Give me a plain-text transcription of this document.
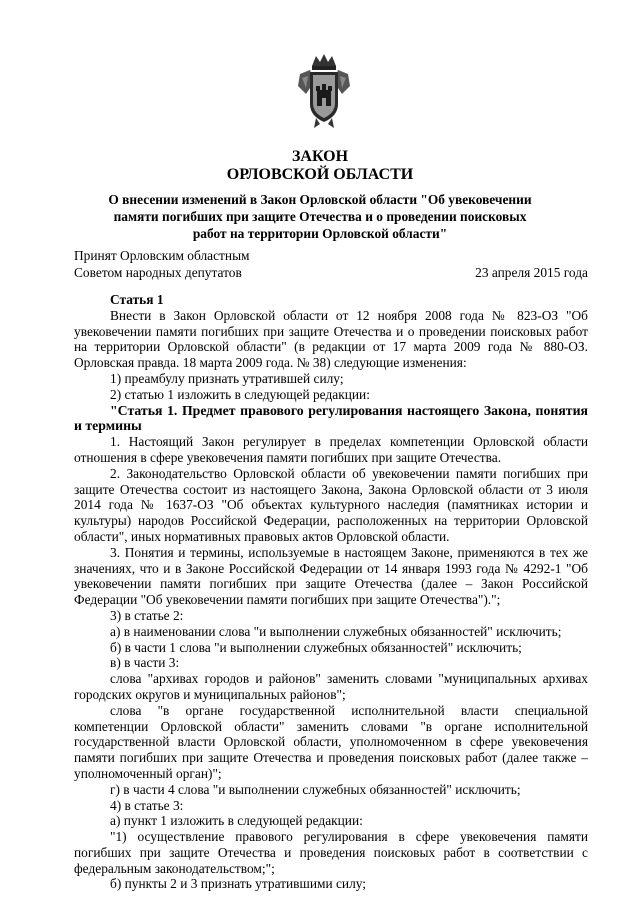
ЗАКОН
ОРЛОВСКОЙ ОБЛАСТИ
О внесении изменений в Закон Орловской области "Об увековечении памяти погибших при защите Отечества и о проведении поисковых работ на территории Орловской области"
Принят Орловским областным
Советом народных депутатов	23 апреля 2015 года

Статья 1

Внести в Закон Орловской области от 12 ноября 2008 года № 823-ОЗ "Об увековечении памяти погибших при защите Отечества и о проведении поисковых работ на территории Орловской области" (в редакции от 17 марта 2009 года № 880-ОЗ. Орловская правда. 18 марта 2009 года. № 38) следующие изменения:

1) преамбулу признать утратившей силу;

2) статью 1 изложить в следующей редакции:

"Статья 1. Предмет правового регулирования настоящего Закона, понятия и термины

1. Настоящий Закон регулирует в пределах компетенции Орловской области отношения в сфере увековечения памяти погибших при защите Отечества.

2. Законодательство Орловской области об увековечении памяти погибших при защите Отечества состоит из настоящего Закона, Закона Орловской области от 3 июля 2014 года № 1637-ОЗ "Об объектах культурного наследия (памятниках истории и культуры) народов Российской Федерации, расположенных на территории Орловской области", иных нормативных правовых актов Орловской области.

3. Понятия и термины, используемые в настоящем Законе, применяются в тех же значениях, что и в Законе Российской Федерации от 14 января 1993 года № 4292-1 "Об увековечении памяти погибших при защите Отечества (далее – Закон Российской Федерации "Об увековечении памяти погибших при защите Отечества").";

3) в статье 2:

а) в наименовании слова "и выполнении служебных обязанностей" исключить;

б) в части 1 слова "и выполнении служебных обязанностей" исключить;

в) в части 3:

слова "архивах городов и районов" заменить словами "муниципальных архивах городских округов и муниципальных районов";

слова "в органе государственной исполнительной власти специальной компетенции Орловской области" заменить словами "в органе исполнительной государственной власти Орловской области, уполномоченном в сфере увековечения памяти погибших при защите Отечества и проведения поисковых работ (далее также – уполномоченный орган)";

г) в части 4 слова "и выполнении служебных обязанностей" исключить;

4) в статье 3:

а) пункт 1 изложить в следующей редакции:

"1) осуществление правового регулирования в сфере увековечения памяти погибших при защите Отечества и проведения поисковых работ в соответствии с федеральным законодательством;";

б) пункты 2 и 3 признать утратившими силу;
